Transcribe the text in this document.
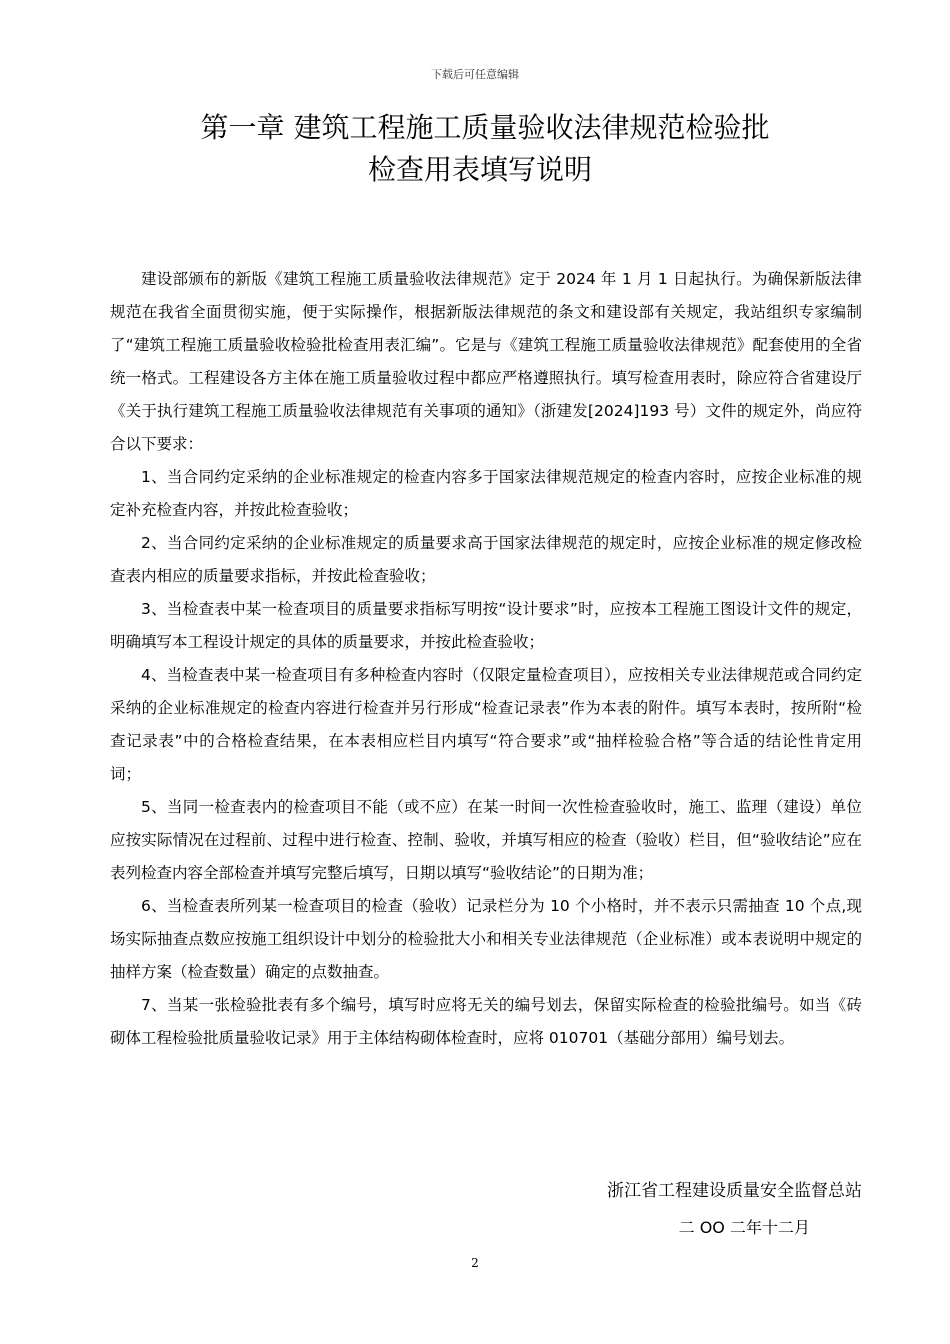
下载后可任意编辑
第一章 建筑工程施工质量验收法律规范检验批
检查用表填写说明

建设部颁布的新版《建筑工程施工质量验收法律规范》定于 2024 年 1 月 1 日起执行。为确保新版法律规范在我省全面贯彻实施，便于实际操作，根据新版法律规范的条文和建设部有关规定，我站组织专家编制了“建筑工程施工质量验收检验批检查用表汇编”。它是与《建筑工程施工质量验收法律规范》配套使用的全省统一格式。工程建设各方主体在施工质量验收过程中都应严格遵照执行。填写检查用表时，除应符合省建设厅《关于执行建筑工程施工质量验收法律规范有关事项的通知》（浙建发[2024]193 号）文件的规定外，尚应符合以下要求：

1、当合同约定采纳的企业标准规定的检查内容多于国家法律规范规定的检查内容时，应按企业标准的规定补充检查内容，并按此检查验收；

2、当合同约定采纳的企业标准规定的质量要求高于国家法律规范的规定时，应按企业标准的规定修改检查表内相应的质量要求指标，并按此检查验收；

3、当检查表中某一检查项目的质量要求指标写明按“设计要求”时，应按本工程施工图设计文件的规定，明确填写本工程设计规定的具体的质量要求，并按此检查验收；

4、当检查表中某一检查项目有多种检查内容时（仅限定量检查项目），应按相关专业法律规范或合同约定采纳的企业标准规定的检查内容进行检查并另行形成“检查记录表”作为本表的附件。填写本表时，按所附“检查记录表”中的合格检查结果，在本表相应栏目内填写“符合要求”或“抽样检验合格”等合适的结论性肯定用词；

5、当同一检查表内的检查项目不能（或不应）在某一时间一次性检查验收时，施工、监理（建设）单位应按实际情况在过程前、过程中进行检查、控制、验收，并填写相应的检查（验收）栏目，但“验收结论”应在表列检查内容全部检查并填写完整后填写，日期以填写“验收结论”的日期为准；

6、当检查表所列某一检查项目的检查（验收）记录栏分为 10 个小格时，并不表示只需抽查 10 个点,现场实际抽查点数应按施工组织设计中划分的检验批大小和相关专业法律规范（企业标准）或本表说明中规定的抽样方案（检查数量）确定的点数抽查。

7、当某一张检验批表有多个编号，填写时应将无关的编号划去，保留实际检查的检验批编号。如当《砖砌体工程检验批质量验收记录》用于主体结构砌体检查时，应将 010701（基础分部用）编号划去。

浙江省工程建设质量安全监督总站
二 OO 二年十二月
2
